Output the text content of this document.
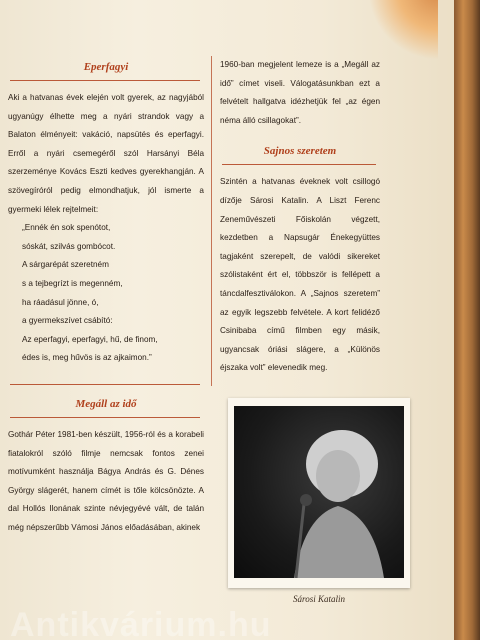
Eperfagyi

Aki a hatvanas évek elején volt gyerek, az nagyjából ugyanúgy élhette meg a nyári strandok vagy a Balaton élményeit: vakáció, napsütés és eperfagyi. Erről a nyári csemegéről szól Harsányi Béla szerzeménye Kovács Eszti kedves gyerekhangján. A szövegíróról pedig elmondhatjuk, jól ismerte a gyermeki lélek rejtelmeit:

„Ennék én sok spenótot,
sóskát, szilvás gombócot.
A sárgarépát szeretném
s a tejbegrízt is megenném,
ha ráadásul jönne, ó,
a gyermekszívet csábító:
Az eperfagyi, eperfagyi, hű, de finom,
édes is, meg hűvös is az ajkaimon.”
Megáll az idő

Gothár Péter 1981-ben készült, 1956-ról és a korabeli fiatalokról szóló filmje nemcsak fontos zenei motívumként használja Bágya András és G. Dénes György slágerét, hanem címét is tőle kölcsönözte. A dal Hollós Ilonának szinte névjegyévé vált, de talán még népszerűbb Vámosi János előadásában, akinek

1960-ban megjelent lemeze is a „Megáll az idő” címet viseli. Válogatásunkban ezt a felvételt hallgatva idézhetjük fel „az égen néma álló csillagokat”.

Sajnos szeretem

Szintén a hatvanas éveknek volt csillogó dízője Sárosi Katalin. A Liszt Ferenc Zeneművészeti Főiskolán végzett, kezdetben a Napsugár Énekegyüttes tagjaként szerepelt, de valódi sikereket szólistaként ért el, többször is fellépett a táncdalfesztiválokon. A „Sajnos szeretem” az egyik legszebb felvétele. A kort felidéző Csinibaba című filmben egy másik, ugyancsak óriási slágere, a „Különös éjszaka volt” elevenedik meg.

Sárosi Katalin
Antikvárium.hu
